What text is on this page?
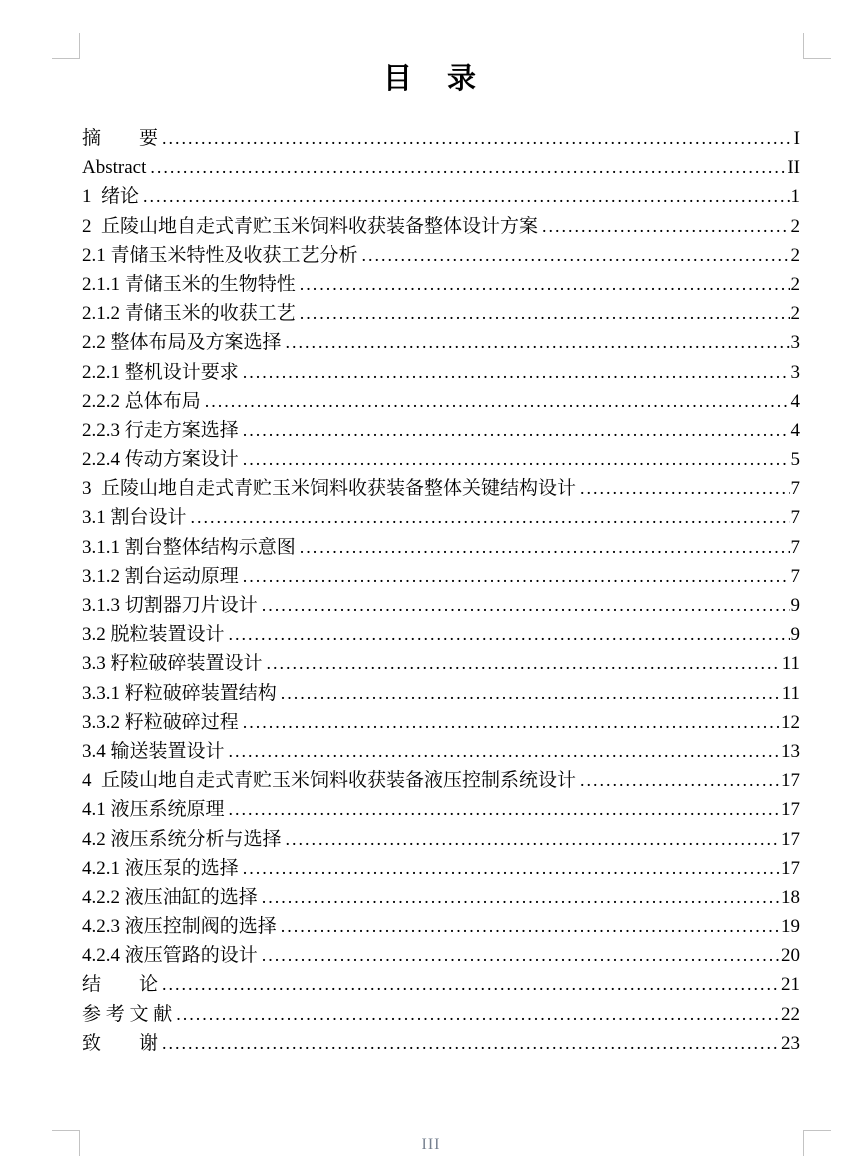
目　录
摘　　要 .....	I
Abstract .....	II
1  绪论 .....	1
2  丘陵山地自走式青贮玉米饲料收获装备整体设计方案 .....	2
2.1 青储玉米特性及收获工艺分析 .....	2
2.1.1 青储玉米的生物特性 .....	2
2.1.2 青储玉米的收获工艺 .....	2
2.2 整体布局及方案选择 .....	3
2.2.1 整机设计要求 .....	3
2.2.2 总体布局 .....	4
2.2.3 行走方案选择 .....	4
2.2.4 传动方案设计 .....	5
3  丘陵山地自走式青贮玉米饲料收获装备整体关键结构设计 .....	7
3.1 割台设计 .....	7
3.1.1 割台整体结构示意图 .....	7
3.1.2 割台运动原理 .....	7
3.1.3 切割器刀片设计 .....	9
3.2 脱粒装置设计 .....	9
3.3 籽粒破碎装置设计 .....	11
3.3.1 籽粒破碎装置结构 .....	11
3.3.2 籽粒破碎过程 .....	12
3.4 输送装置设计 .....	13
4  丘陵山地自走式青贮玉米饲料收获装备液压控制系统设计 .....	17
4.1 液压系统原理 .....	17
4.2 液压系统分析与选择 .....	17
4.2.1 液压泵的选择 .....	17
4.2.2 液压油缸的选择 .....	18
4.2.3 液压控制阀的选择 .....	19
4.2.4 液压管路的设计 .....	20
结　　论 .....	21
参 考 文 献 .....	22
致　　谢 .....	23
III
